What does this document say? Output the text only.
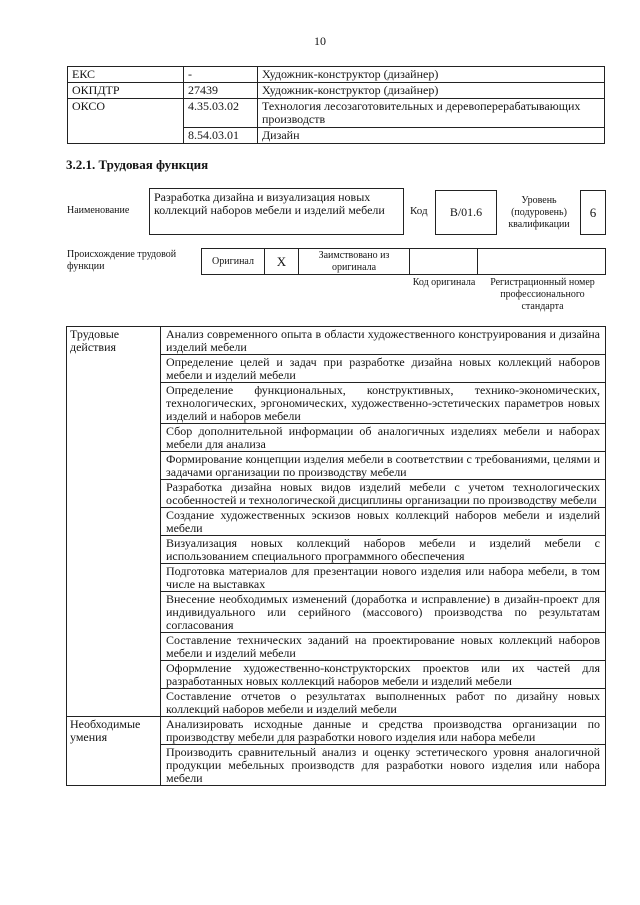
10
ЕКС	-	Художник-конструктор (дизайнер)
ОКПДТР	27439	Художник-конструктор (дизайнер)
ОКСО	4.35.03.02	Технология лесозаготовительных и деревоперерабатывающих производств
	8.54.03.01	Дизайн
3.2.1. Трудовая функция
Наименование
Разработка дизайна и визуализация новых коллекций наборов мебели и изделий мебели	Код В/01.6
Уровень (подуровень) квалификации
6
Происхождение трудовой функции	Оригинал X	Заимствовано из оригинала
Код оригинала	Регистрационный номер профессионального стандарта
Трудовые действия	Анализ современного опыта в области художественного конструирования и дизайна изделий мебели
	Определение целей и задач при разработке дизайна новых коллекций наборов мебели и изделий мебели
	Определение функциональных, конструктивных, технико-экономических, технологических, эргономических, художественно-эстетических параметров новых изделий и наборов мебели
	Сбор дополнительной информации об аналогичных изделиях мебели и наборах мебели для анализа
	Формирование концепции изделия мебели в соответствии с требованиями, целями и задачами организации по производству мебели
	Разработка дизайна новых видов изделий мебели с учетом технологических особенностей и технологической дисциплины организации по производству мебели
	Создание художественных эскизов новых коллекций наборов мебели и изделий мебели
	Визуализация новых коллекций наборов мебели и изделий мебели с использованием специального программного обеспечения
	Подготовка материалов для презентации нового изделия или набора мебели, в том числе на выставках
	Внесение необходимых изменений (доработка и исправление) в дизайн-проект для индивидуального или серийного (массового) производства по результатам согласования
	Составление технических заданий на проектирование новых коллекций наборов мебели и изделий мебели
	Оформление художественно-конструкторских проектов или их частей для разработанных новых коллекций наборов мебели и изделий мебели
	Составление отчетов о результатах выполненных работ по дизайну новых коллекций наборов мебели и изделий мебели
Необходимые умения	Анализировать исходные данные и средства производства организации по производству мебели для разработки нового изделия или набора мебели
	Производить сравнительный анализ и оценку эстетического уровня аналогичной продукции мебельных производств для разработки нового изделия или набора мебели
